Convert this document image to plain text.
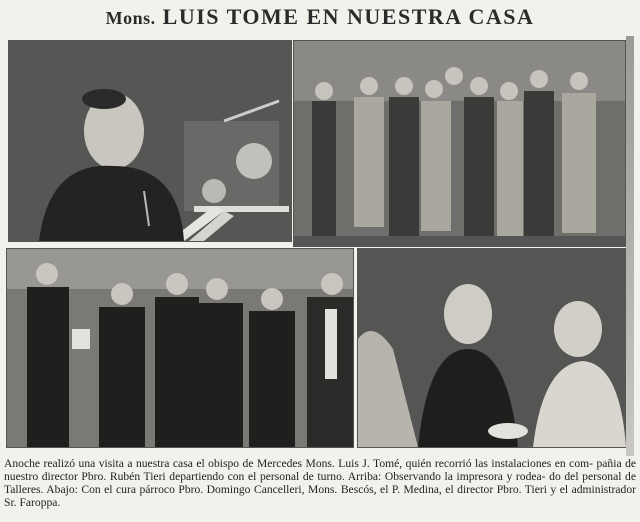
Mons. LUIS TOME EN NUESTRA CASA

Anoche realizó una visita a nuestra casa el obispo de Mercedes Mons. Luis J. Tomé, quién recorrió las instalaciones en com- pañia de nuestro director Pbro. Rubén Tieri departiendo con el personal de turno. Arriba: Observando la impresora y rodea- do del personal de Talleres. Abajo: Con el cura párroco Pbro. Domingo Cancelleri, Mons. Bescós, el P. Medina, el director Pbro. Tieri y el administrador Sr. Faroppa.
